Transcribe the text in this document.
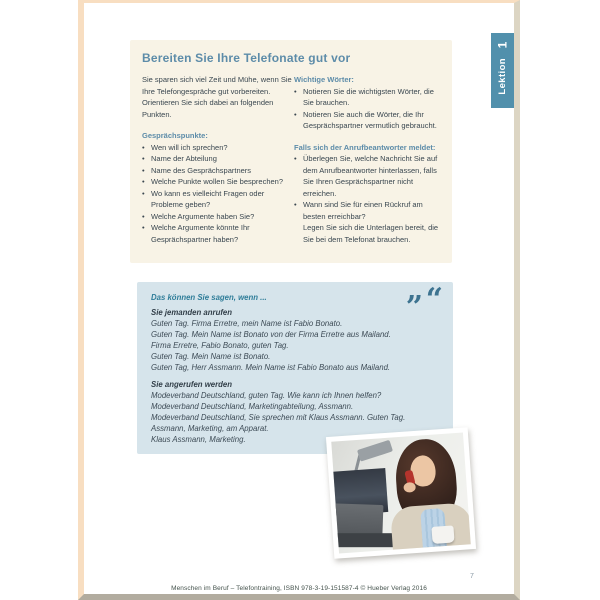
Bereiten Sie Ihre Telefonate gut vor

Sie sparen sich viel Zeit und Mühe, wenn Sie Ihre Telefongespräche gut vorbereiten. Orientieren Sie sich dabei an folgenden Punkten.

Gesprächspunkte:
• Wen will ich sprechen?
• Name der Abteilung
• Name des Gesprächspartners
• Welche Punkte wollen Sie besprechen?
• Wo kann es vielleicht Fragen oder Probleme geben?
• Welche Argumente haben Sie?
• Welche Argumente könnte Ihr Gesprächspartner haben?
Wichtige Wörter:
• Notieren Sie die wichtigsten Wörter, die Sie brauchen.
• Notieren Sie auch die Wörter, die Ihr Gesprächspartner vermutlich gebraucht.
Falls sich der Anrufbeantworter meldet:
• Überlegen Sie, welche Nachricht Sie auf dem Anrufbeantworter hinterlassen, falls Sie Ihren Gesprächspartner nicht erreichen.
• Wann sind Sie für einen Rückruf am besten erreichbar?
Legen Sie sich die Unterlagen bereit, die Sie bei dem Telefonat brauchen.
” “
Das können Sie sagen, wenn ...
Sie jemanden anrufen
Guten Tag. Firma Erretre, mein Name ist Fabio Bonato.
Guten Tag. Mein Name ist Bonato von der Firma Erretre aus Mailand.
Firma Erretre, Fabio Bonato, guten Tag.
Guten Tag. Mein Name ist Bonato.
Guten Tag, Herr Assmann. Mein Name ist Fabio Bonato aus Mailand.
Sie angerufen werden
Modeverband Deutschland, guten Tag. Wie kann ich Ihnen helfen?
Modeverband Deutschland, Marketingabteilung, Assmann.
Modeverband Deutschland, Sie sprechen mit Klaus Assmann. Guten Tag.
Assmann, Marketing, am Apparat.
Klaus Assmann, Marketing.
7
Menschen im Beruf – Telefontraining, ISBN 978-3-19-151587-4 © Hueber Verlag 2016
1
Lektion
